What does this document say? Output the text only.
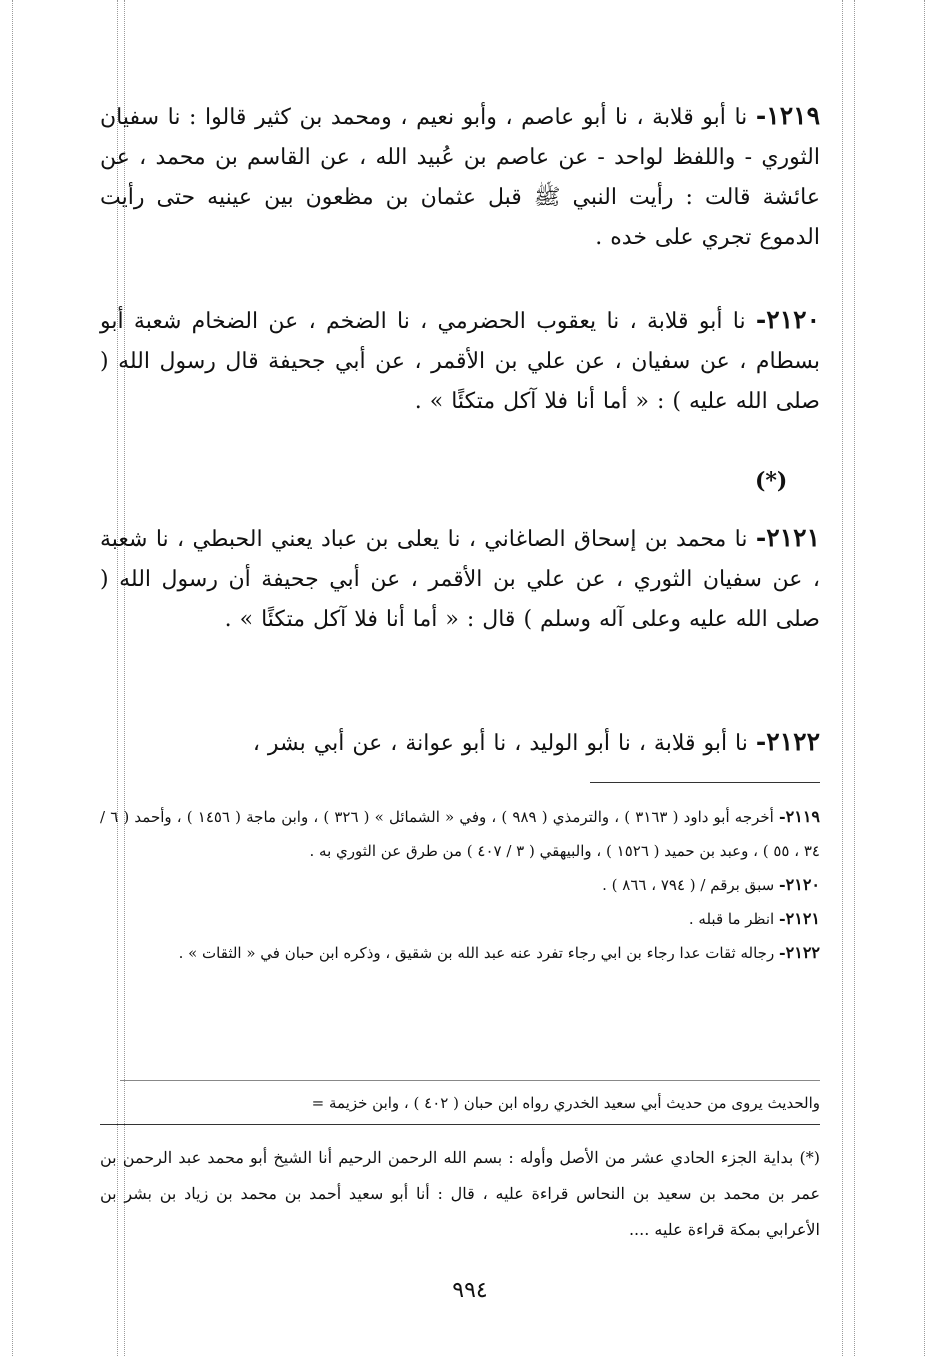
١٢١٩- نا أبو قلابة ، نا أبو عاصم ، وأبو نعيم ، ومحمد بن كثير قالوا : نا سفيان الثوري - واللفظ لواحد - عن عاصم بن عُبيد الله ، عن القاسم بن محمد ، عن عائشة قالت : رأيت النبي ﷺ قبل عثمان بن مظعون بين عينيه حتى رأيت الدموع تجري على خده .

٢١٢٠- نا أبو قلابة ، نا يعقوب الحضرمي ، نا الضخم ، عن الضخام شعبة أبو بسطام ، عن سفيان ، عن علي بن الأقمر ، عن أبي جحيفة قال رسول الله ( صلى الله عليه ) : « أما أنا فلا آكل متكئًا » .

(*)

٢١٢١- نا محمد بن إسحاق الصاغاني ، نا يعلى بن عباد يعني الحبطي ، نا شعبة ، عن سفيان الثوري ، عن علي بن الأقمر ، عن أبي جحيفة أن رسول الله ( صلى الله عليه وعلى آله وسلم ) قال : « أما أنا فلا آكل متكئًا » .

٢١٢٢- نا أبو قلابة ، نا أبو الوليد ، نا أبو عوانة ، عن أبي بشر ،

٢١١٩- أخرجه أبو داود ( ٣١٦٣ ) ، والترمذي ( ٩٨٩ ) ، وفي « الشمائل » ( ٣٢٦ ) ، وابن ماجة ( ١٤٥٦ ) ، وأحمد ( ٦ / ٣٤ ، ٥٥ ) ، وعبد بن حميد ( ١٥٢٦ ) ، والبيهقي ( ٣ / ٤٠٧ ) من طرق عن الثوري به .

٢١٢٠- سبق برقم / ( ٧٩٤ ، ٨٦٦ ) .

٢١٢١- انظر ما قبله .

٢١٢٢- رجاله ثقات عدا رجاء بن ابي رجاء تفرد عنه عبد الله بن شقيق ، وذكره ابن حبان في « الثقات » .

والحديث يروى من حديث أبي سعيد الخدري رواه ابن حبان ( ٤٠٢ ) ، وابن خزيمة =

(*) بداية الجزء الحادي عشر من الأصل وأوله : بسم الله الرحمن الرحيم أنا الشيخ أبو محمد عبد الرحمن بن عمر بن محمد بن سعيد بن النحاس قراءة عليه ، قال : أنا أبو سعيد أحمد بن محمد بن زياد بن بشر بن الأعرابي بمكة قراءة عليه ....
٩٩٤
